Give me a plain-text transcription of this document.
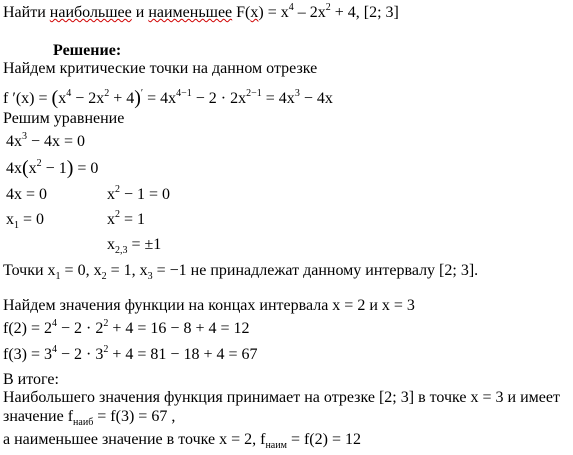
Найти наибольшее и наименьшее $F(x) = x^4 - 2x^2 + 4$, [2; 3]
Решение:
Найдем критические точки на данном отрезке
f $'(x) = (x^4 - 2x^2 + 4)' = 4x^{4-1} - 2 \cdot 2x^{2-1} = 4x^3 - 4x$
Решим уравнение
$4x^3 - 4x = 0$
$4x(x^2 - 1) = 0$
4x = 0	$x^2 - 1 = 0$
$x_1 = 0$	$x^2 = 1$
$x_{2,3} = \pm 1$
Точки $x_1 = 0$, $x_2 = 1$, $x_3 = -1$ не принадлежат данному интервалу [2; 3].
Найдем значения функции на концах интервала x = 2 и x = 3
$f(2) = 2^4 - 2 \cdot 2^2 + 4 = 16 - 8 + 4 = 12$
$f(3) = 3^4 - 2 \cdot 3^2 + 4 = 81 - 18 + 4 = 67$
В итоге:
Наибольшего значения функция принимает на отрезке [2; 3] в точке x = 3 и имеет
значение $f_{наиб} = f(3) = 67$ ,
а наименьшее значение в точке x = 2, $f_{наим} = f(2) = 12$
